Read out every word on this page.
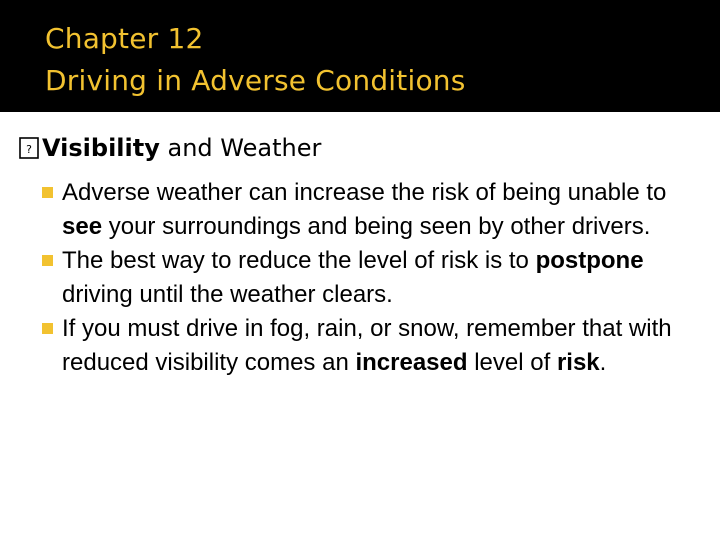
Chapter 12
Driving in Adverse Conditions
? Visibility and Weather
Adverse weather can increase the risk of being unable to see your surroundings and being seen by other drivers.
The best way to reduce the level of risk is to postpone driving until the weather clears.
If you must drive in fog, rain, or snow, remember that with reduced visibility comes an increased level of risk.
